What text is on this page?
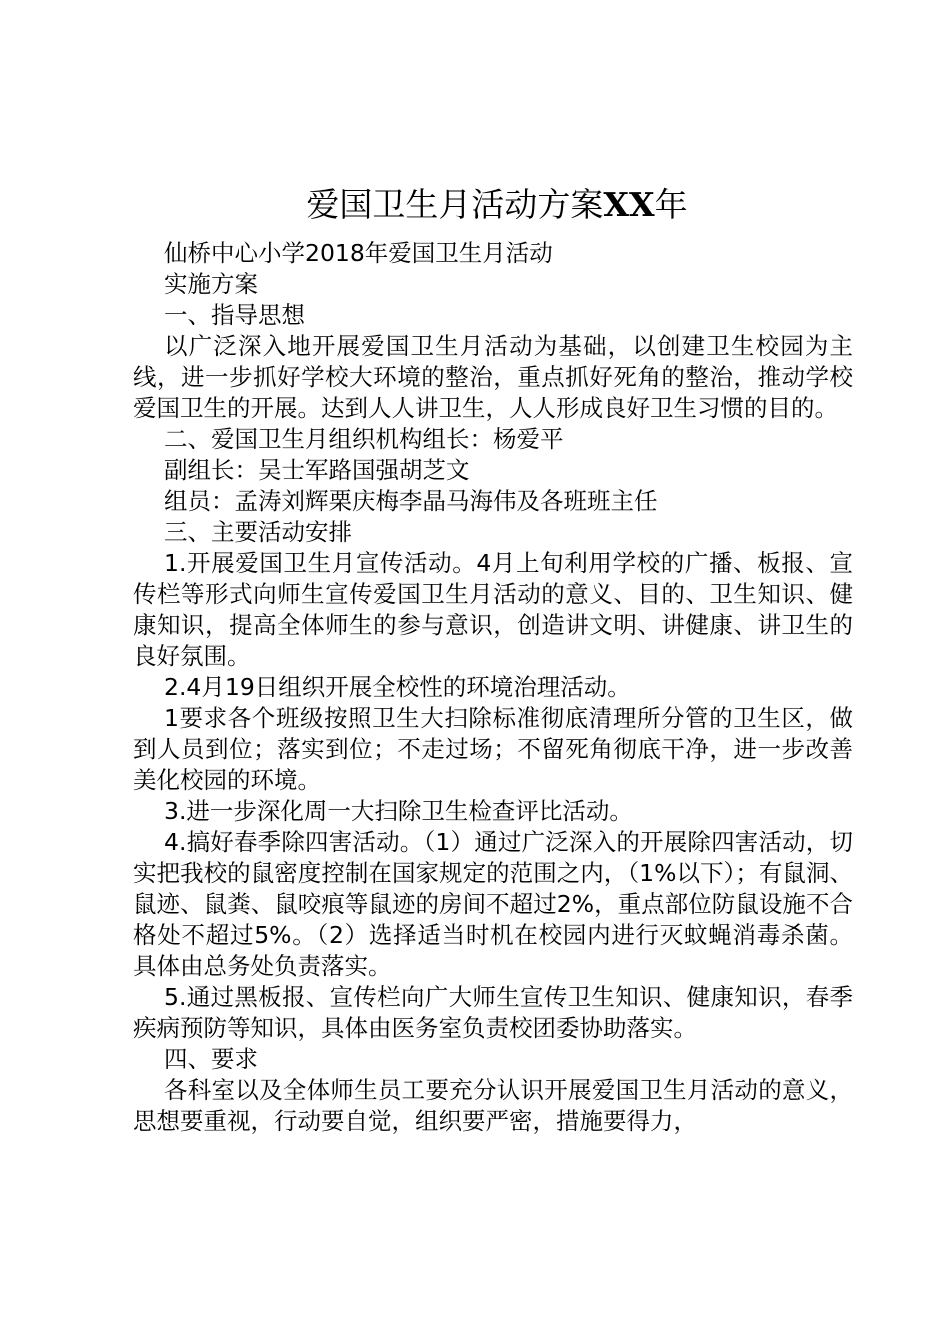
爱国卫生月活动方案XX年

仙桥中心小学2018年爱国卫生月活动

实施方案

一、指导思想

以广泛深入地开展爱国卫生月活动为基础，以创建卫生校园为主线，进一步抓好学校大环境的整治，重点抓好死角的整治，推动学校爱国卫生的开展。达到人人讲卫生，人人形成良好卫生习惯的目的。

二、爱国卫生月组织机构组长：杨爱平

副组长：吴士军路国强胡芝文

组员：孟涛刘辉栗庆梅李晶马海伟及各班班主任

三、主要活动安排

1.开展爱国卫生月宣传活动。4月上旬利用学校的广播、板报、宣传栏等形式向师生宣传爱国卫生月活动的意义、目的、卫生知识、健康知识，提高全体师生的参与意识，创造讲文明、讲健康、讲卫生的良好氛围。

2.4月19日组织开展全校性的环境治理活动。

1要求各个班级按照卫生大扫除标准彻底清理所分管的卫生区，做到人员到位；落实到位；不走过场；不留死角彻底干净，进一步改善美化校园的环境。

3.进一步深化周一大扫除卫生检查评比活动。

4.搞好春季除四害活动。（1）通过广泛深入的开展除四害活动，切实把我校的鼠密度控制在国家规定的范围之内，（1%以下）；有鼠洞、鼠迹、鼠粪、鼠咬痕等鼠迹的房间不超过2%，重点部位防鼠设施不合格处不超过5%。（2）选择适当时机在校园内进行灭蚊蝇消毒杀菌。具体由总务处负责落实。

5.通过黑板报、宣传栏向广大师生宣传卫生知识、健康知识，春季疾病预防等知识，具体由医务室负责校团委协助落实。

四、要求

各科室以及全体师生员工要充分认识开展爱国卫生月活动的意义，思想要重视，行动要自觉，组织要严密，措施要得力，
